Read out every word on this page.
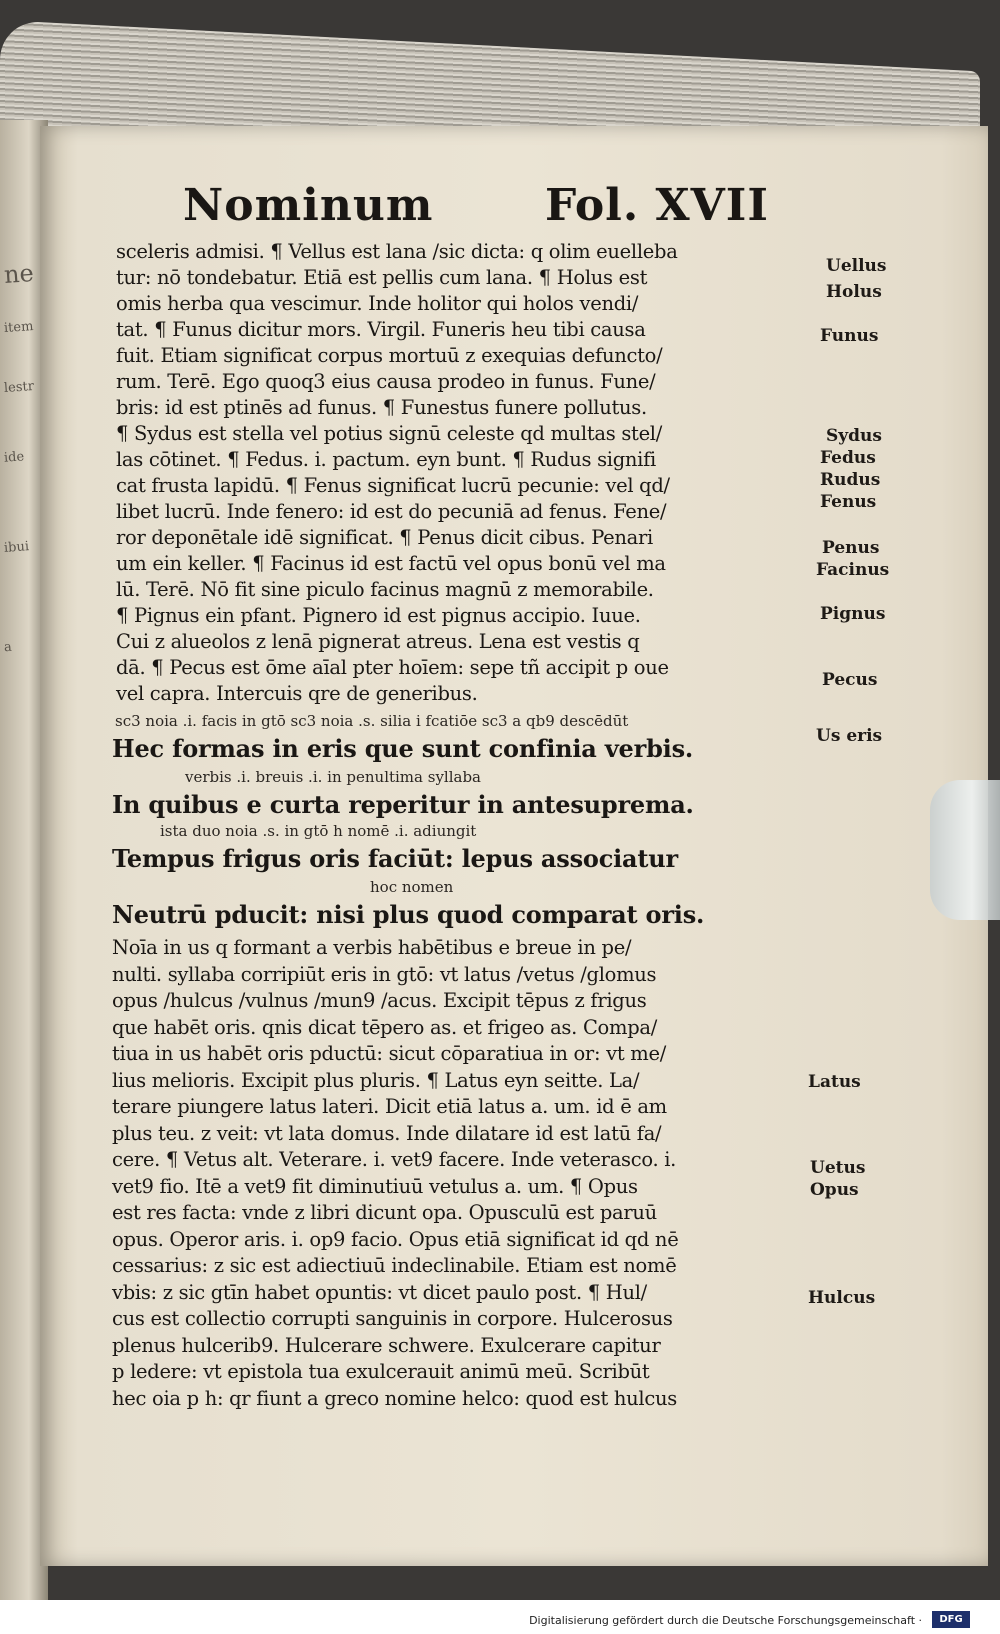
ne
item
lestr
ide
ibui
a
Nominum	Fol. XVII
sceleris admisi. ¶ Vellus est lana /sic dicta: q olim euelleba
tur: nō tondebatur. Etiā est pellis cum lana. ¶ Holus est
omis herba qua vescimur. Inde holitor qui holos vendi/
tat. ¶ Funus dicitur mors. Virgil. Funeris heu tibi causa
fuit. Etiam significat corpus mortuū z exequias defuncto/
rum. Terē. Ego quoq3 eius causa prodeo in funus. Fune/
bris: id est ptinēs ad funus. ¶ Funestus funere pollutus.
¶ Sydus est stella vel potius signū celeste qd multas stel/
las cōtinet. ¶ Fedus. i. pactum. eyn bunt. ¶ Rudus signifi
cat frusta lapidū. ¶ Fenus significat lucrū pecunie: vel qd/
libet lucrū. Inde fenero: id est do pecuniā ad fenus. Fene/
ror deponētale idē significat. ¶ Penus dicit cibus. Penari
um ein keller. ¶ Facinus id est factū vel opus bonū vel ma
lū. Terē. Nō fit sine piculo facinus magnū z memorabile.
¶ Pignus ein pfant. Pignero id est pignus accipio. Iuue.
Cui z alueolos z lenā pignerat atreus. Lena est vestis q
dā. ¶ Pecus est ōme aīal pter hoīem: sepe tñ accipit p oue
vel capra. Intercuis qre de generibus.
sc3 noia .i. facis in gtō sc3 noia .s. silia i fcatiōe sc3 a qb9 descēdūt
Hec formas in eris que sunt confinia verbis.
verbis .i. breuis .i. in penultima syllaba
In quibus e curta reperitur in antesuprema.
ista duo noia .s. in gtō h nomē .i. adiungit
Tempus frigus oris faciūt: lepus associatur
hoc nomen
Neutrū pducit: nisi plus quod comparat oris.
Noīa in us q formant a verbis habētibus e breue in pe/
nulti. syllaba corripiūt eris in gtō: vt latus /vetus /glomus
opus /hulcus /vulnus /mun9 /acus. Excipit tēpus z frigus
que habēt oris. qnis dicat tēpero as. et frigeo as. Compa/
tiua in us habēt oris pductū: sicut cōparatiua in or: vt me/
lius melioris. Excipit plus pluris. ¶ Latus eyn seitte. La/
terare piungere latus lateri. Dicit etiā latus a. um. id ē am
plus teu. z veit: vt lata domus. Inde dilatare id est latū fa/
cere. ¶ Vetus alt. Veterare. i. vet9 facere. Inde veterasco. i.
vet9 fio. Itē a vet9 fit diminutiuū vetulus a. um. ¶ Opus
est res facta: vnde z libri dicunt opa. Opusculū est paruū
opus. Operor aris. i. op9 facio. Opus etiā significat id qd nē
cessarius: z sic est adiectiuū indeclinabile. Etiam est nomē
vbis: z sic gtīn habet opuntis: vt dicet paulo post. ¶ Hul/
cus est collectio corrupti sanguinis in corpore. Hulcerosus
plenus hulcerib9. Hulcerare schwere. Exulcerare capitur
p ledere: vt epistola tua exulcerauit animū meū. Scribūt
hec oia p h: qr fiunt a greco nomine helco: quod est hulcus
Uellus
Holus
Funus
Sydus
Fedus
Rudus
Fenus
Penus
Facinus
Pignus
Pecus
Us eris
Latus
Uetus
Opus
Hulcus
Digitalisierung gefördert durch die Deutsche Forschungsgemeinschaft ·	DFG
